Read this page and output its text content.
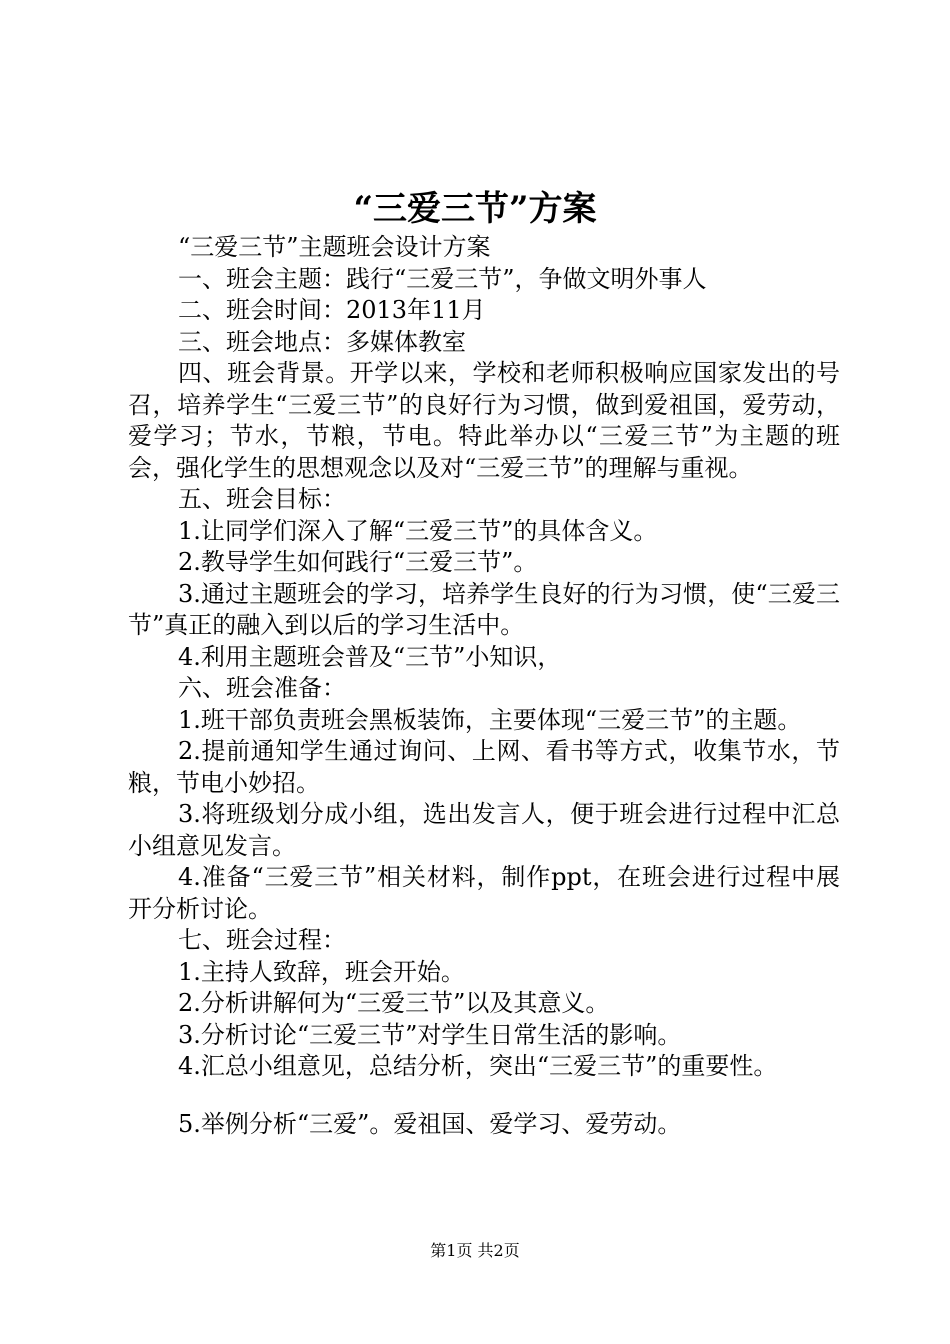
“三爱三节”方案

“三爱三节”主题班会设计方案

一、班会主题：践行“三爱三节”，争做文明外事人

二、班会时间：2013年11月

三、班会地点：多媒体教室

四、班会背景。开学以来，学校和老师积极响应国家发出的号召，培养学生“三爱三节”的良好行为习惯，做到爱祖国，爱劳动，爱学习；节水，节粮，节电。特此举办以“三爱三节”为主题的班会，强化学生的思想观念以及对“三爱三节”的理解与重视。

五、班会目标：

1.让同学们深入了解“三爱三节”的具体含义。

2.教导学生如何践行“三爱三节”。

3.通过主题班会的学习，培养学生良好的行为习惯，使“三爱三节”真正的融入到以后的学习生活中。

4.利用主题班会普及“三节”小知识，

六、班会准备：

1.班干部负责班会黑板装饰，主要体现“三爱三节”的主题。

2.提前通知学生通过询问、上网、看书等方式，收集节水，节粮，节电小妙招。

3.将班级划分成小组，选出发言人，便于班会进行过程中汇总小组意见发言。

4.准备“三爱三节”相关材料，制作ppt，在班会进行过程中展开分析讨论。

七、班会过程：

1.主持人致辞，班会开始。

2.分析讲解何为“三爱三节”以及其意义。

3.分析讨论“三爱三节”对学生日常生活的影响。

4.汇总小组意见，总结分析，突出“三爱三节”的重要性。

5.举例分析“三爱”。爱祖国、爱学习、爱劳动。

第1页 共2页
